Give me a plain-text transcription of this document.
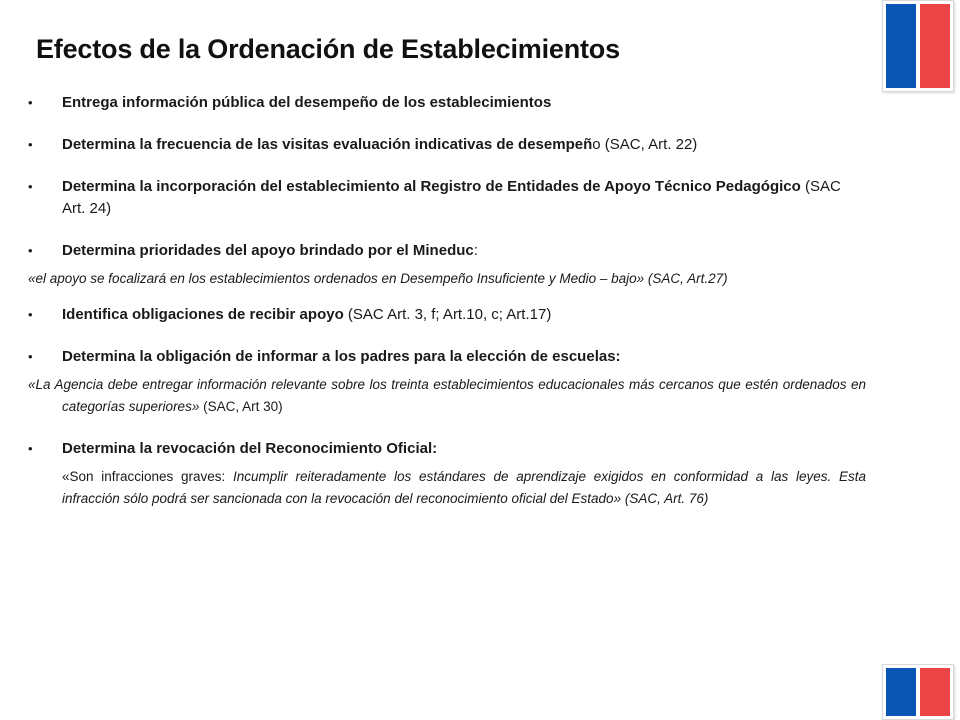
Efectos de la Ordenación de Establecimientos
• Entrega información pública del desempeño de los establecimientos
• Determina la frecuencia de las visitas evaluación indicativas de desempeño (SAC, Art. 22)
• Determina la incorporación del establecimiento al Registro de Entidades de Apoyo Técnico Pedagógico (SAC Art. 24)
• Determina prioridades del apoyo brindado por el Mineduc:
«el apoyo se focalizará en los establecimientos ordenados en Desempeño Insuficiente y Medio – bajo» (SAC, Art.27)
• Identifica obligaciones de recibir apoyo (SAC Art. 3, f; Art.10, c; Art.17)
• Determina la obligación de informar a los padres para la elección de escuelas:
«La Agencia debe entregar información relevante sobre los treinta establecimientos educacionales más cercanos que estén ordenados en categorías superiores» (SAC, Art 30)
• Determina la revocación del Reconocimiento Oficial:
«Son infracciones graves: Incumplir reiteradamente los estándares de aprendizaje exigidos en conformidad a las leyes. Esta infracción sólo podrá ser sancionada con la revocación del reconocimiento oficial del Estado» (SAC, Art. 76)
